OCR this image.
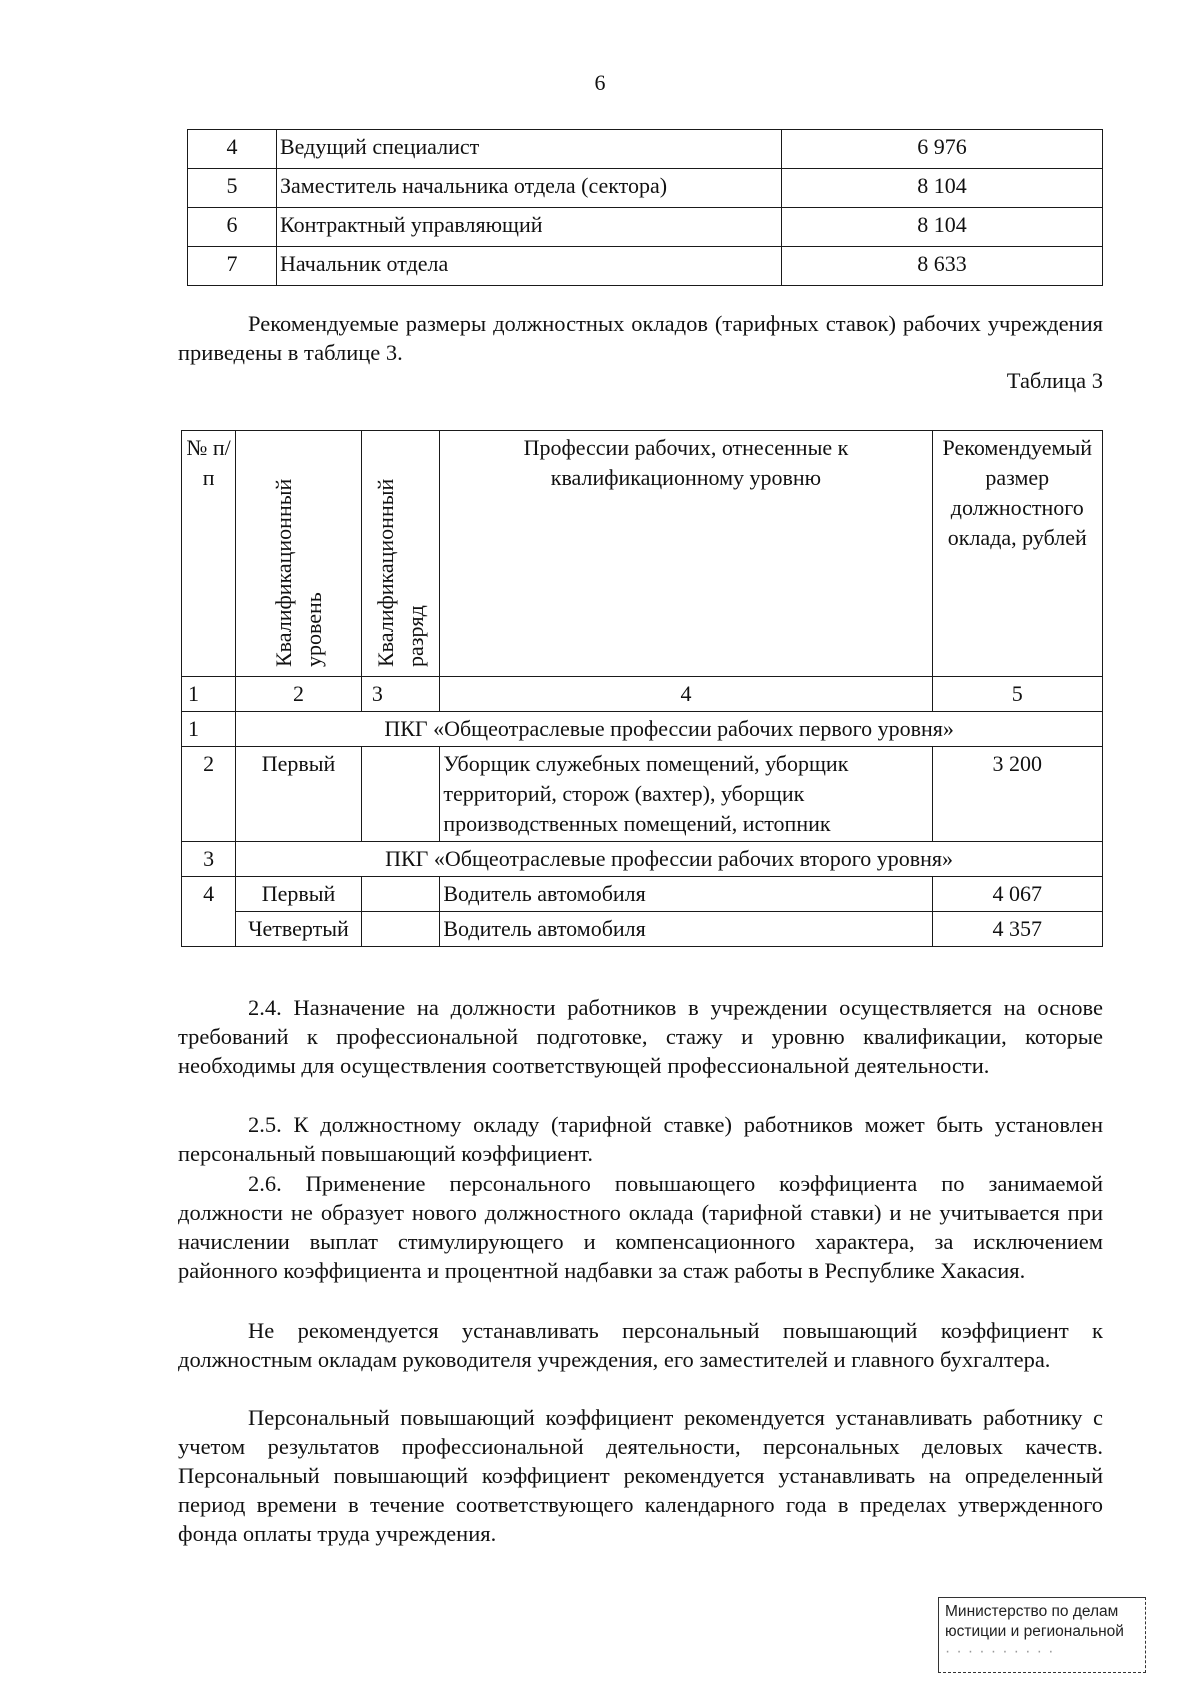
6
4	Ведущий специалист	6 976
5	Заместитель начальника отдела (сектора)	8 104
6	Контрактный управляющий	8 104
7	Начальник отдела	8 633
Рекомендуемые размеры должностных окладов (тарифных ставок) рабочих учреждения приведены в таблице 3.
Таблица 3
№ п/п	Квалификационный уровень	Квалификационный разряд	Профессии рабочих, отнесенные к квалификационному уровню	Рекомендуемый размер должностного оклада, рублей
1	2	3	4	5
1	ПКГ «Общеотраслевые профессии рабочих первого уровня»			
2	Первый		Уборщик служебных помещений, уборщик территорий, сторож (вахтер), уборщик производственных помещений, истопник	3 200
3	ПКГ «Общеотраслевые профессии рабочих второго уровня»			
4	Первый		Водитель автомобиля	4 067
	Четвертый		Водитель автомобиля	4 357
2.4. Назначение на должности работников в учреждении осуществляется на основе требований к профессиональной подготовке, стажу и уровню квалификации, которые необходимы для осуществления соответствующей профессиональной деятельности.
2.5. К должностному окладу (тарифной ставке) работников может быть установлен персональный повышающий коэффициент.
2.6. Применение персонального повышающего коэффициента по занимаемой должности не образует нового должностного оклада (тарифной ставки) и не учитывается при начислении выплат стимулирующего и компенсационного характера, за исключением районного коэффициента и процентной надбавки за стаж работы в Республике Хакасия.
Не рекомендуется устанавливать персональный повышающий коэффициент к должностным окладам руководителя учреждения, его заместителей и главного бухгалтера.
Персональный повышающий коэффициент рекомендуется устанавливать работнику с учетом результатов профессиональной деятельности, персональных деловых качеств. Персональный повышающий коэффициент рекомендуется устанавливать на определенный период времени в течение соответствующего календарного года в пределах утвержденного фонда оплаты труда учреждения.
Министерство по делам
юстиции и региональной
· · · · · · · · · ·
